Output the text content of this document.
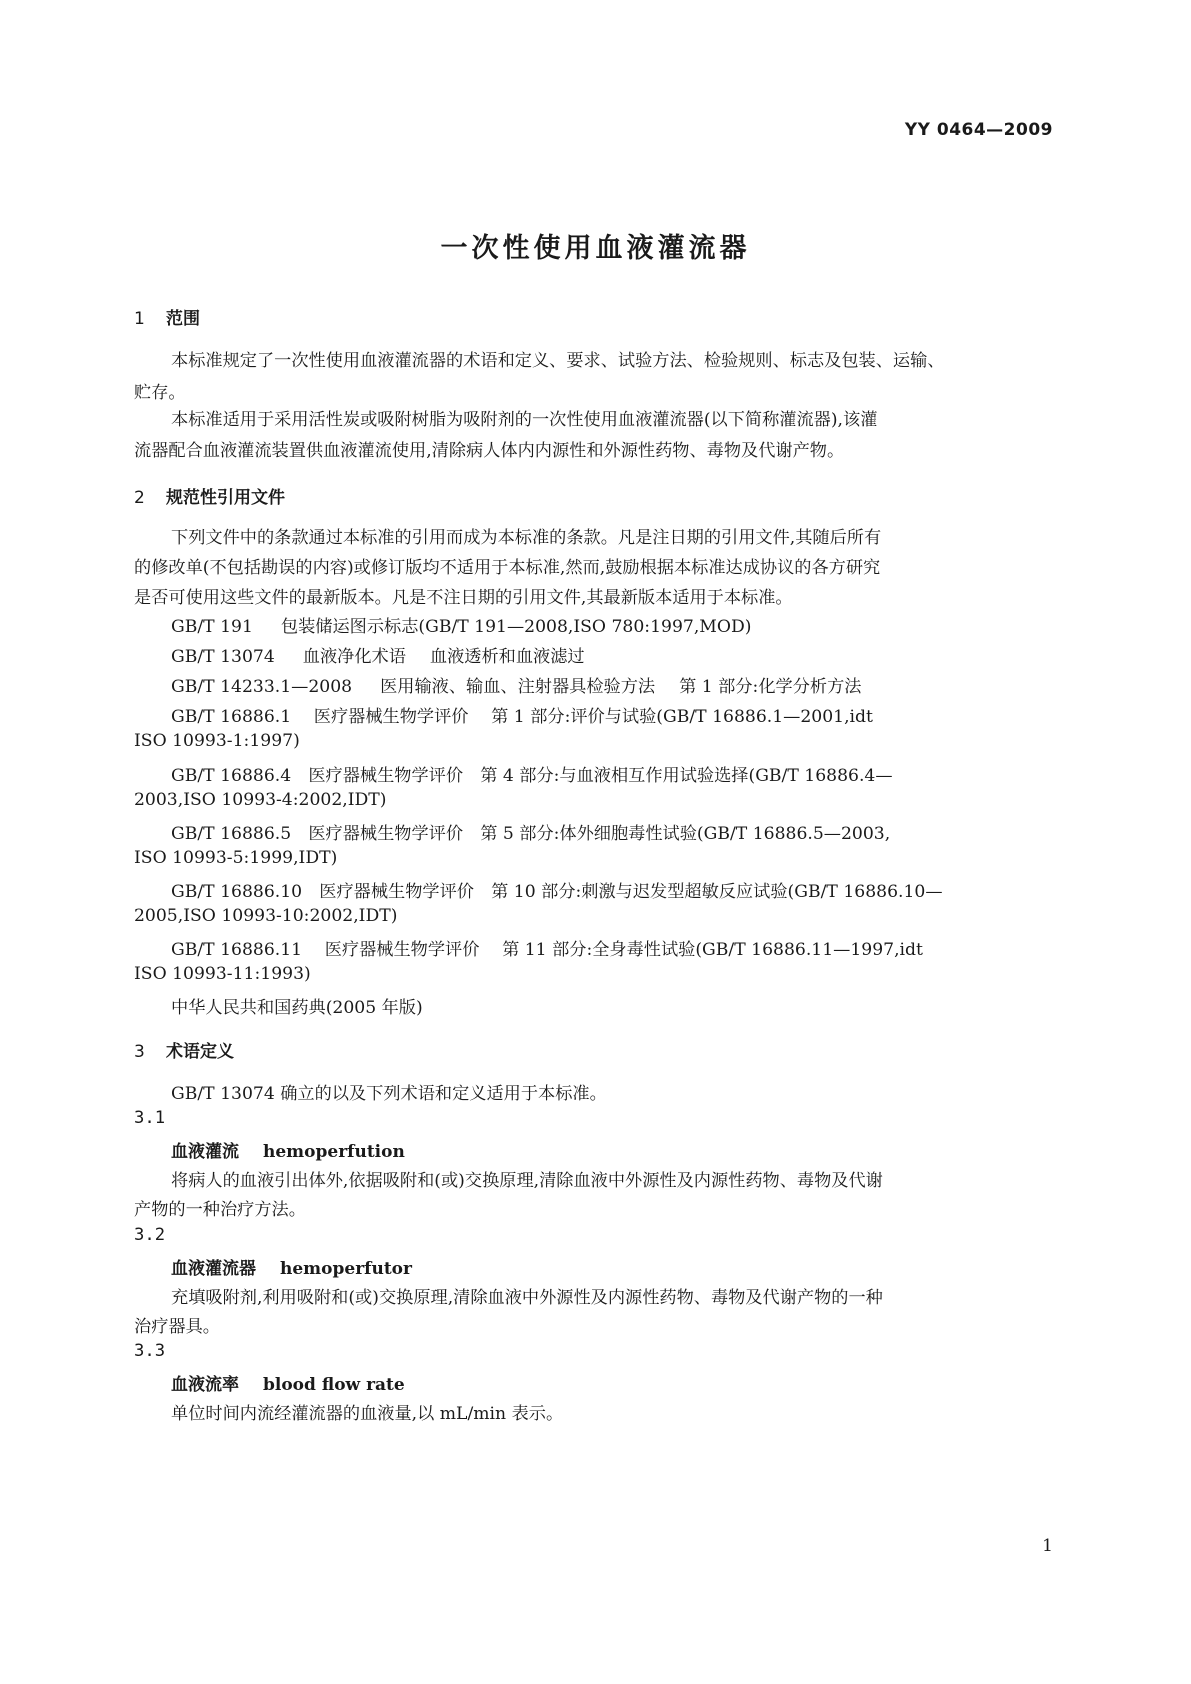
YY 0464—2009
一次性使用血液灌流器
1 范围
本标准规定了一次性使用血液灌流器的术语和定义、要求、试验方法、检验规则、标志及包装、运输、
贮存。
本标准适用于采用活性炭或吸附树脂为吸附剂的一次性使用血液灌流器(以下简称灌流器),该灌
流器配合血液灌流装置供血液灌流使用,清除病人体内内源性和外源性药物、毒物及代谢产物。
2 规范性引用文件
下列文件中的条款通过本标准的引用而成为本标准的条款。凡是注日期的引用文件,其随后所有
的修改单(不包括勘误的内容)或修订版均不适用于本标准,然而,鼓励根据本标准达成协议的各方研究
是否可使用这些文件的最新版本。凡是不注日期的引用文件,其最新版本适用于本标准。
GB/T 191 包装储运图示标志(GB/T 191—2008,ISO 780:1997,MOD)
GB/T 13074 血液净化术语 血液透析和血液滤过
GB/T 14233.1—2008 医用输液、输血、注射器具检验方法 第 1 部分:化学分析方法
GB/T 16886.1　 医疗器械生物学评价　 第 1 部分:评价与试验(GB/T 16886.1—2001,idt
ISO 10993-1:1997)
GB/T 16886.4　医疗器械生物学评价　第 4 部分:与血液相互作用试验选择(GB/T 16886.4—
2003,ISO 10993-4:2002,IDT)
GB/T 16886.5　医疗器械生物学评价　第 5 部分:体外细胞毒性试验(GB/T 16886.5—2003,
ISO 10993-5:1999,IDT)
GB/T 16886.10　医疗器械生物学评价　第 10 部分:刺激与迟发型超敏反应试验(GB/T 16886.10—
2005,ISO 10993-10:2002,IDT)
GB/T 16886.11　 医疗器械生物学评价　 第 11 部分:全身毒性试验(GB/T 16886.11—1997,idt
ISO 10993-11:1993)
中华人民共和国药典(2005 年版)
3 术语定义
GB/T 13074 确立的以及下列术语和定义适用于本标准。
3.1
血液灌流 hemoperfution
将病人的血液引出体外,依据吸附和(或)交换原理,清除血液中外源性及内源性药物、毒物及代谢
产物的一种治疗方法。
3.2
血液灌流器 hemoperfutor
充填吸附剂,利用吸附和(或)交换原理,清除血液中外源性及内源性药物、毒物及代谢产物的一种
治疗器具。
3.3
血液流率 blood flow rate
单位时间内流经灌流器的血液量,以 mL/min 表示。
1
